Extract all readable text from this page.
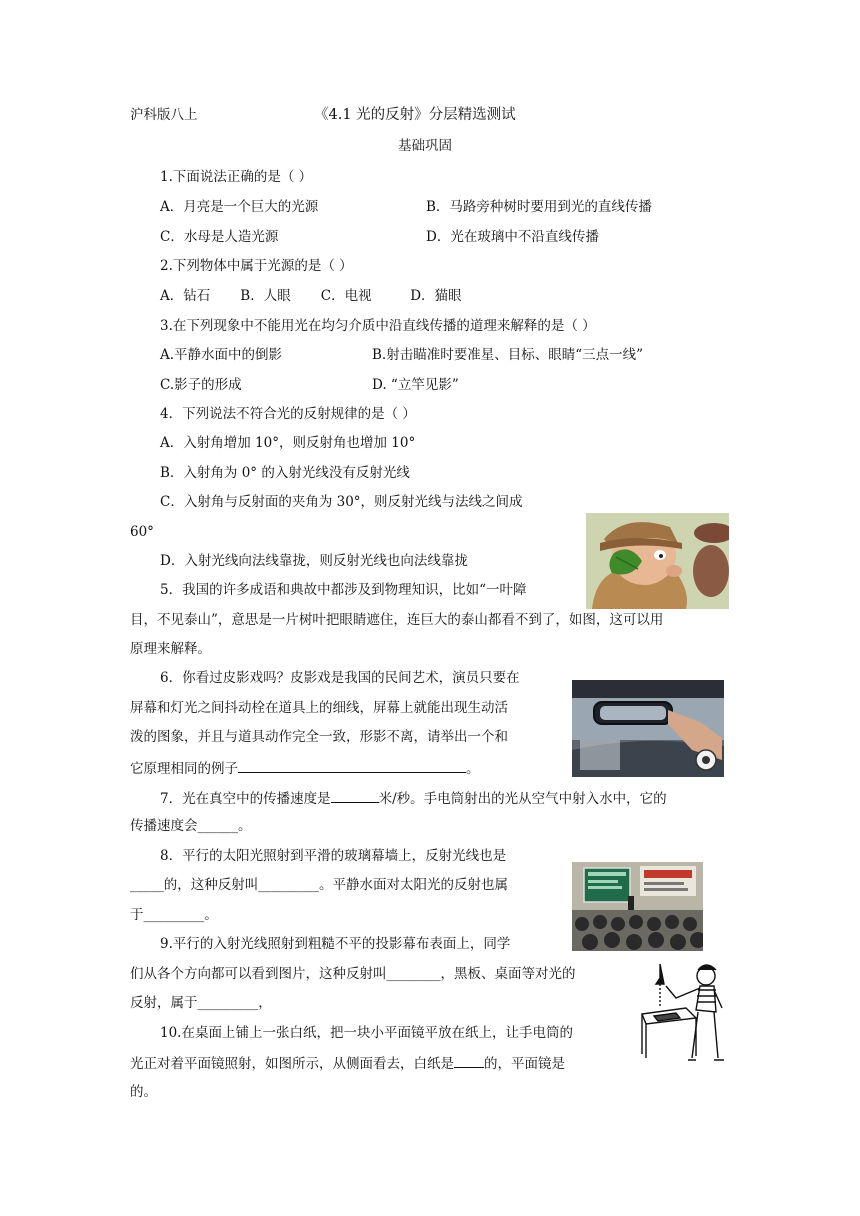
沪科版八上	《4.1 光的反射》分层精选测试
基础巩固
1.下面说法正确的是（ ）
A．月亮是一个巨大的光源	B．马路旁种树时要用到光的直线传播
C．水母是人造光源	D．光在玻璃中不沿直线传播
2.下列物体中属于光源的是（ ）
A．钻石       B．人眼       C．电视         D．猫眼
3.在下列现象中不能用光在均匀介质中沿直线传播的道理来解释的是（ ）
A.平静水面中的倒影	B.射击瞄准时要准星、目标、眼睛“三点一线”
C.影子的形成	D. “立竿见影”
4．下列说法不符合光的反射规律的是（ ）
A．入射角增加 10°，则反射角也增加 10°
B．入射角为 0° 的入射光线没有反射光线
C．入射角与反射面的夹角为 30°，则反射光线与法线之间成
60°
D．入射光线向法线靠拢，则反射光线也向法线靠拢
5．我国的许多成语和典故中都涉及到物理知识，比如“一叶障
目，不见泰山”，意思是一片树叶把眼睛遮住，连巨大的泰山都看不到了，如图，这可以用
原理来解释。
6．你看过皮影戏吗？皮影戏是我国的民间艺术，演员只要在
屏幕和灯光之间抖动栓在道具上的细线，屏幕上就能出现生动活
泼的图象，并且与道具动作完全一致，形影不离，请举出一个和
它原理相同的例子	。
7．光在真空中的传播速度是	米/秒。手电筒射出的光从空气中射入水中，它的
传播速度会______。
8．平行的太阳光照射到平滑的玻璃幕墙上，反射光线也是
_____的，这种反射叫_________。平静水面对太阳光的反射也属
于_________。
9.平行的入射光线照射到粗糙不平的投影幕布表面上，同学
们从各个方向都可以看到图片，这种反射叫________，黑板、桌面等对光的
反射，属于_________，
10.在桌面上铺上一张白纸，把一块小平面镜平放在纸上，让手电筒的
光正对着平面镜照射，如图所示，从侧面看去，白纸是 的，平面镜是
的。
